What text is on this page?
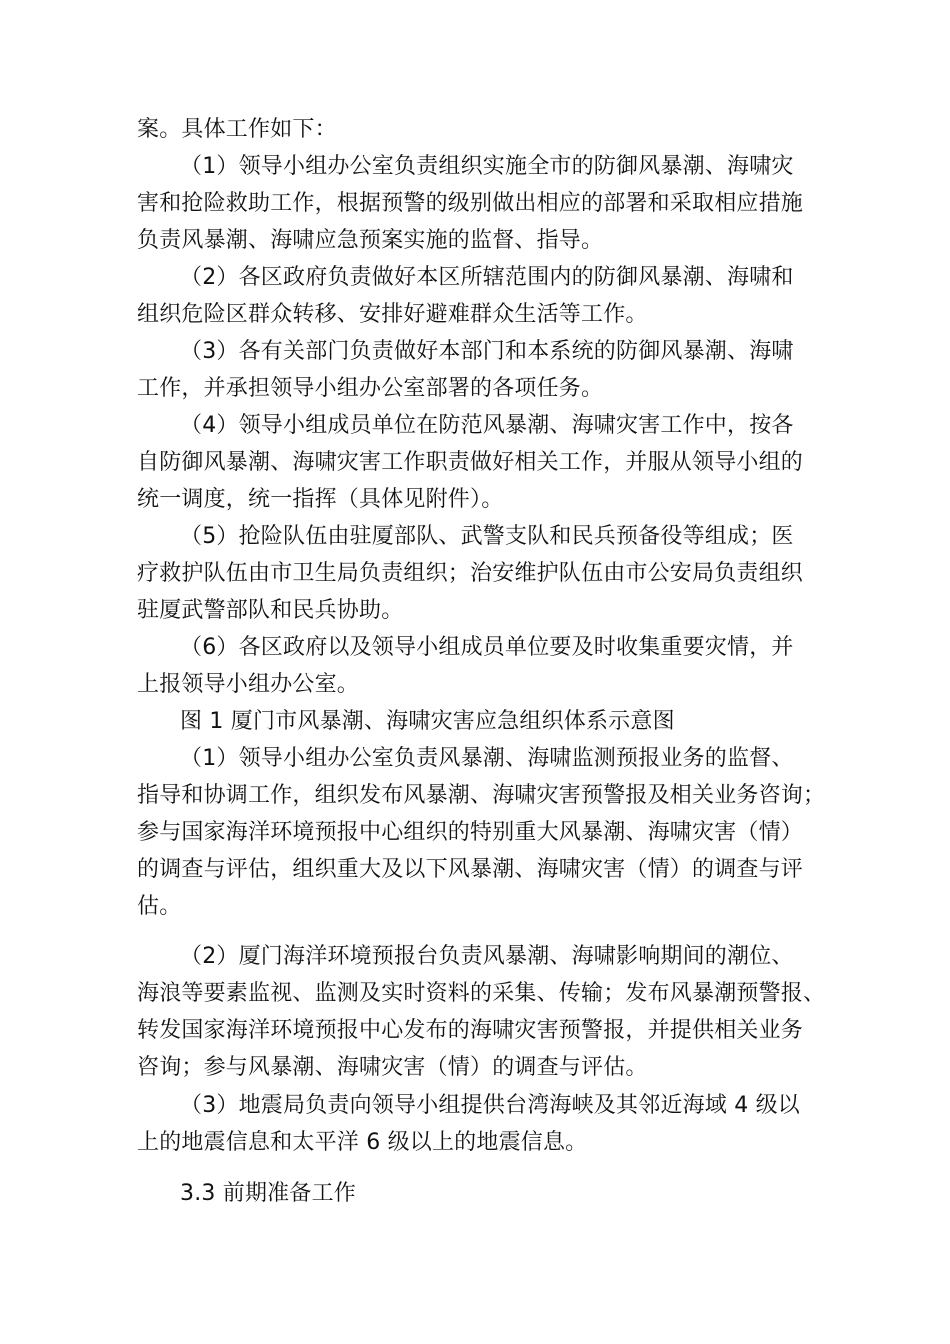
案。具体工作如下：
（1）领导小组办公室负责组织实施全市的防御风暴潮、海啸灾
害和抢险救助工作，根据预警的级别做出相应的部署和采取相应措施
负责风暴潮、海啸应急预案实施的监督、指导。
（2）各区政府负责做好本区所辖范围内的防御风暴潮、海啸和
组织危险区群众转移、安排好避难群众生活等工作。
（3）各有关部门负责做好本部门和本系统的防御风暴潮、海啸
工作，并承担领导小组办公室部署的各项任务。
（4）领导小组成员单位在防范风暴潮、海啸灾害工作中，按各
自防御风暴潮、海啸灾害工作职责做好相关工作，并服从领导小组的
统一调度，统一指挥（具体见附件）。
（5）抢险队伍由驻厦部队、武警支队和民兵预备役等组成；医
疗救护队伍由市卫生局负责组织；治安维护队伍由市公安局负责组织
驻厦武警部队和民兵协助。
（6）各区政府以及领导小组成员单位要及时收集重要灾情，并
上报领导小组办公室。
图 1 厦门市风暴潮、海啸灾害应急组织体系示意图
（1）领导小组办公室负责风暴潮、海啸监测预报业务的监督、
指导和协调工作，组织发布风暴潮、海啸灾害预警报及相关业务咨询；
参与国家海洋环境预报中心组织的特别重大风暴潮、海啸灾害（情）
的调查与评估，组织重大及以下风暴潮、海啸灾害（情）的调查与评
估。
（2）厦门海洋环境预报台负责风暴潮、海啸影响期间的潮位、
海浪等要素监视、监测及实时资料的采集、传输；发布风暴潮预警报、
转发国家海洋环境预报中心发布的海啸灾害预警报，并提供相关业务
咨询；参与风暴潮、海啸灾害（情）的调查与评估。
（3）地震局负责向领导小组提供台湾海峡及其邻近海域 4 级以
上的地震信息和太平洋 6 级以上的地震信息。
3.3 前期准备工作
